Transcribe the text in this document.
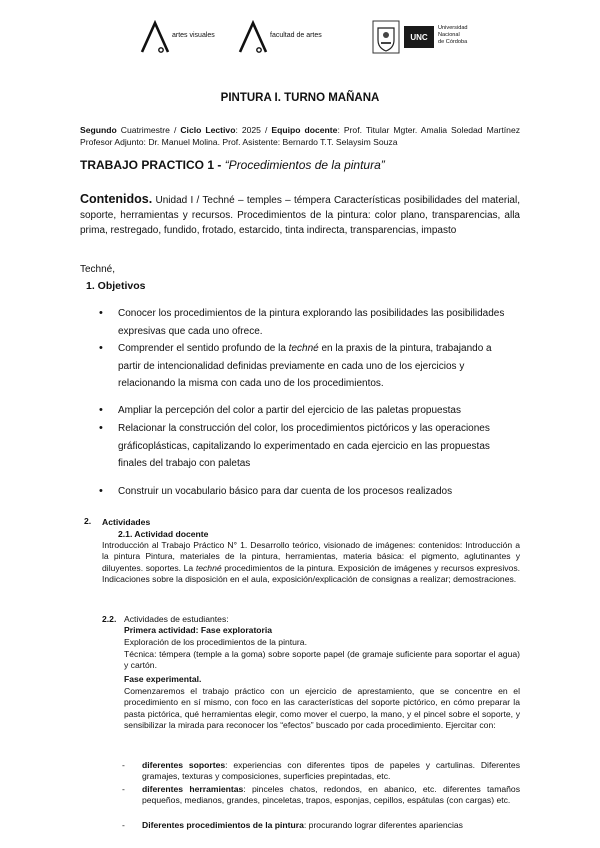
artes visuales	facultad de artes	UNC
Universidad
Nacional
de Córdoba
PINTURA I. TURNO MAÑANA
Segundo Cuatrimestre / Ciclo Lectivo: 2025 / Equipo docente: Prof. Titular Mgter. Amalia Soledad Martínez Profesor Adjunto: Dr. Manuel Molina. Prof. Asistente: Bernardo T.T. Selaysim Souza
TRABAJO PRACTICO 1 - “Procedimientos de la pintura”
Contenidos. Unidad I / Techné – temples – témpera Características posibilidades del material, soporte, herramientas y recursos. Procedimientos de la pintura: color plano, transparencias, alla prima, restregado, fundido, frotado, estarcido, tinta indirecta, transparencias, impasto
Techné,
1. Objetivos
• Conocer los procedimientos de la pintura explorando las posibilidades las posibilidades expresivas que cada uno ofrece.
• Comprender el sentido profundo de la techné en la praxis de la pintura, trabajando a partir de intencionalidad definidas previamente en cada uno de los ejercicios y relacionando la misma con cada uno de los procedimientos.
• Ampliar la percepción del color a partir del ejercicio de las paletas propuestas
• Relacionar la construcción del color, los procedimientos pictóricos y las operaciones gráficoplásticas, capitalizando lo experimentado en cada ejercicio en las propuestas finales del trabajo con paletas
• Construir un vocabulario básico para dar cuenta de los procesos realizados
2. Actividades
2.1. Actividad docente
Introducción al Trabajo Práctico N° 1. Desarrollo teórico, visionado de imágenes: contenidos: Introducción a la pintura Pintura, materiales de la pintura, herramientas, materia básica: el pigmento, aglutinantes y diluyentes. soportes. La techné procedimientos de la pintura. Exposición de imágenes y recursos expresivos. Indicaciones sobre la disposición en el aula, exposición/explicación de consignas a realizar; demostraciones.
2.2. Actividades de estudiantes:
Primera actividad: Fase exploratoria
Exploración de los procedimientos de la pintura.
Técnica: témpera (temple a la goma) sobre soporte papel (de gramaje suficiente para soportar el agua) y cartón.
Fase experimental.
Comenzaremos el trabajo práctico con un ejercicio de aprestamiento, que se concentre en el procedimiento en sí mismo, con foco en las características del soporte pictórico, en cómo preparar la pasta pictórica, qué herramientas elegir, como mover el cuerpo, la mano, y el pincel sobre el soporte, y sensibilizar la mirada para reconocer los “efectos” buscado por cada procedimiento. Ejercitar con:
- diferentes soportes: experiencias con diferentes tipos de papeles y cartulinas. Diferentes gramajes, texturas y composiciones, superficies prepintadas, etc.
- diferentes herramientas: pinceles chatos, redondos, en abanico, etc. diferentes tamaños pequeños, medianos, grandes, pinceletas, trapos, esponjas, cepillos, espátulas (con cargas) etc.
- Diferentes procedimientos de la pintura: procurando lograr diferentes apariencias
